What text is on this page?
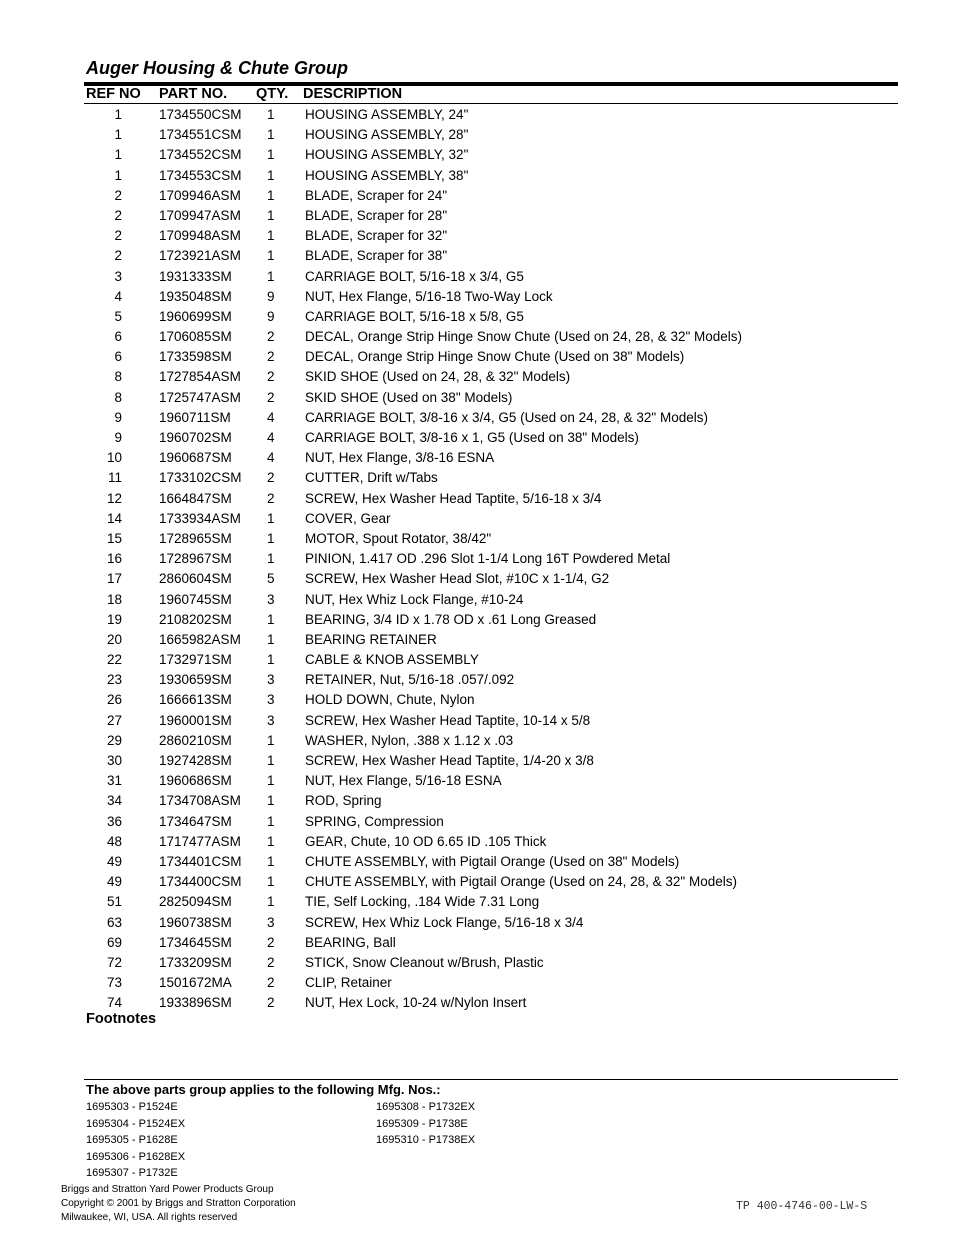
Auger Housing & Chute Group
REF NO PART NO. QTY. DESCRIPTION
1	1734550CSM 1 HOUSING ASSEMBLY, 24"
1	1734551CSM 1 HOUSING ASSEMBLY, 28"
1	1734552CSM 1 HOUSING ASSEMBLY, 32"
1	1734553CSM 1 HOUSING ASSEMBLY, 38"
2	1709946ASM 1 BLADE, Scraper for 24"
2	1709947ASM 1 BLADE, Scraper for 28"
2	1709948ASM 1 BLADE, Scraper for 32"
2	1723921ASM 1 BLADE, Scraper for 38"
3	1931333SM	1 CARRIAGE BOLT, 5/16-18 x 3/4, G5
4	1935048SM	9 NUT, Hex Flange, 5/16-18 Two-Way Lock
5	1960699SM	9 CARRIAGE BOLT, 5/16-18 x 5/8, G5
6	1706085SM	2 DECAL, Orange Strip Hinge Snow Chute (Used on 24, 28, & 32" Models)
6	1733598SM	2 DECAL, Orange Strip Hinge Snow Chute (Used on 38" Models)
8	1727854ASM 2 SKID SHOE (Used on 24, 28, & 32" Models)
8	1725747ASM 2 SKID SHOE (Used on 38" Models)
9	1960711SM	4 CARRIAGE BOLT, 3/8-16 x 3/4, G5 (Used on 24, 28, & 32" Models)
9	1960702SM	4 CARRIAGE BOLT, 3/8-16 x 1, G5 (Used on 38" Models)
10	1960687SM	4 NUT, Hex Flange, 3/8-16 ESNA
11	1733102CSM 2 CUTTER, Drift w/Tabs
12	1664847SM	2 SCREW, Hex Washer Head Taptite, 5/16-18 x 3/4
14	1733934ASM 1 COVER, Gear
15	1728965SM	1 MOTOR, Spout Rotator, 38/42"
16	1728967SM	1 PINION, 1.417 OD .296 Slot 1-1/4 Long 16T Powdered Metal
17	2860604SM	5 SCREW, Hex Washer Head Slot, #10C x 1-1/4, G2
18	1960745SM	3 NUT, Hex Whiz Lock Flange, #10-24
19	2108202SM	1 BEARING, 3/4 ID x 1.78 OD x .61 Long Greased
20	1665982ASM 1 BEARING RETAINER
22	1732971SM	1 CABLE & KNOB ASSEMBLY
23	1930659SM	3 RETAINER, Nut, 5/16-18 .057/.092
26	1666613SM	3 HOLD DOWN, Chute, Nylon
27	1960001SM	3 SCREW, Hex Washer Head Taptite, 10-14 x 5/8
29	2860210SM	1 WASHER, Nylon, .388 x 1.12 x .03
30	1927428SM	1 SCREW, Hex Washer Head Taptite, 1/4-20 x 3/8
31	1960686SM	1 NUT, Hex Flange, 5/16-18 ESNA
34	1734708ASM 1 ROD, Spring
36	1734647SM	1 SPRING, Compression
48	1717477ASM 1 GEAR, Chute, 10 OD 6.65 ID .105 Thick
49	1734401CSM 1 CHUTE ASSEMBLY, with Pigtail Orange (Used on 38" Models)
49	1734400CSM 1 CHUTE ASSEMBLY, with Pigtail Orange (Used on 24, 28, & 32" Models)
51	2825094SM	1 TIE, Self Locking, .184 Wide 7.31 Long
63	1960738SM	3 SCREW, Hex Whiz Lock Flange, 5/16-18 x 3/4
69	1734645SM	2 BEARING, Ball
72	1733209SM	2 STICK, Snow Cleanout w/Brush, Plastic
73	1501672MA	2 CLIP, Retainer
74	1933896SM	2 NUT, Hex Lock, 10-24 w/Nylon Insert
Footnotes
The above parts group applies to the following Mfg. Nos.:
1695303 - P1524E
1695304 - P1524EX
1695305 - P1628E
1695306 - P1628EX
1695307 - P1732E
1695308 - P1732EX
1695309 - P1738E
1695310 - P1738EX
Briggs and Stratton Yard Power Products Group
Copyright © 2001 by Briggs and Stratton Corporation
Milwaukee, WI, USA. All rights reserved
TP 400-4746-00-LW-S
